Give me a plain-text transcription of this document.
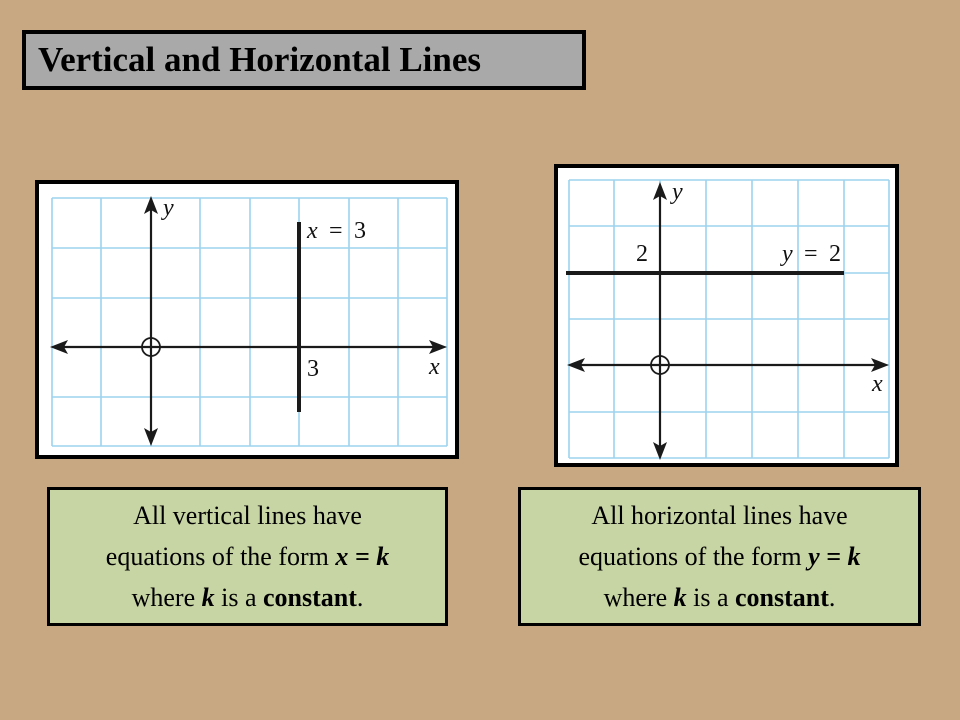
Vertical and Horizontal Lines
y
x
x = 3
3
y
x
2	y = 2
All vertical lines have
equations of the form x = k
where k is a constant.
All horizontal lines have
equations of the form y = k
where k is a constant.
